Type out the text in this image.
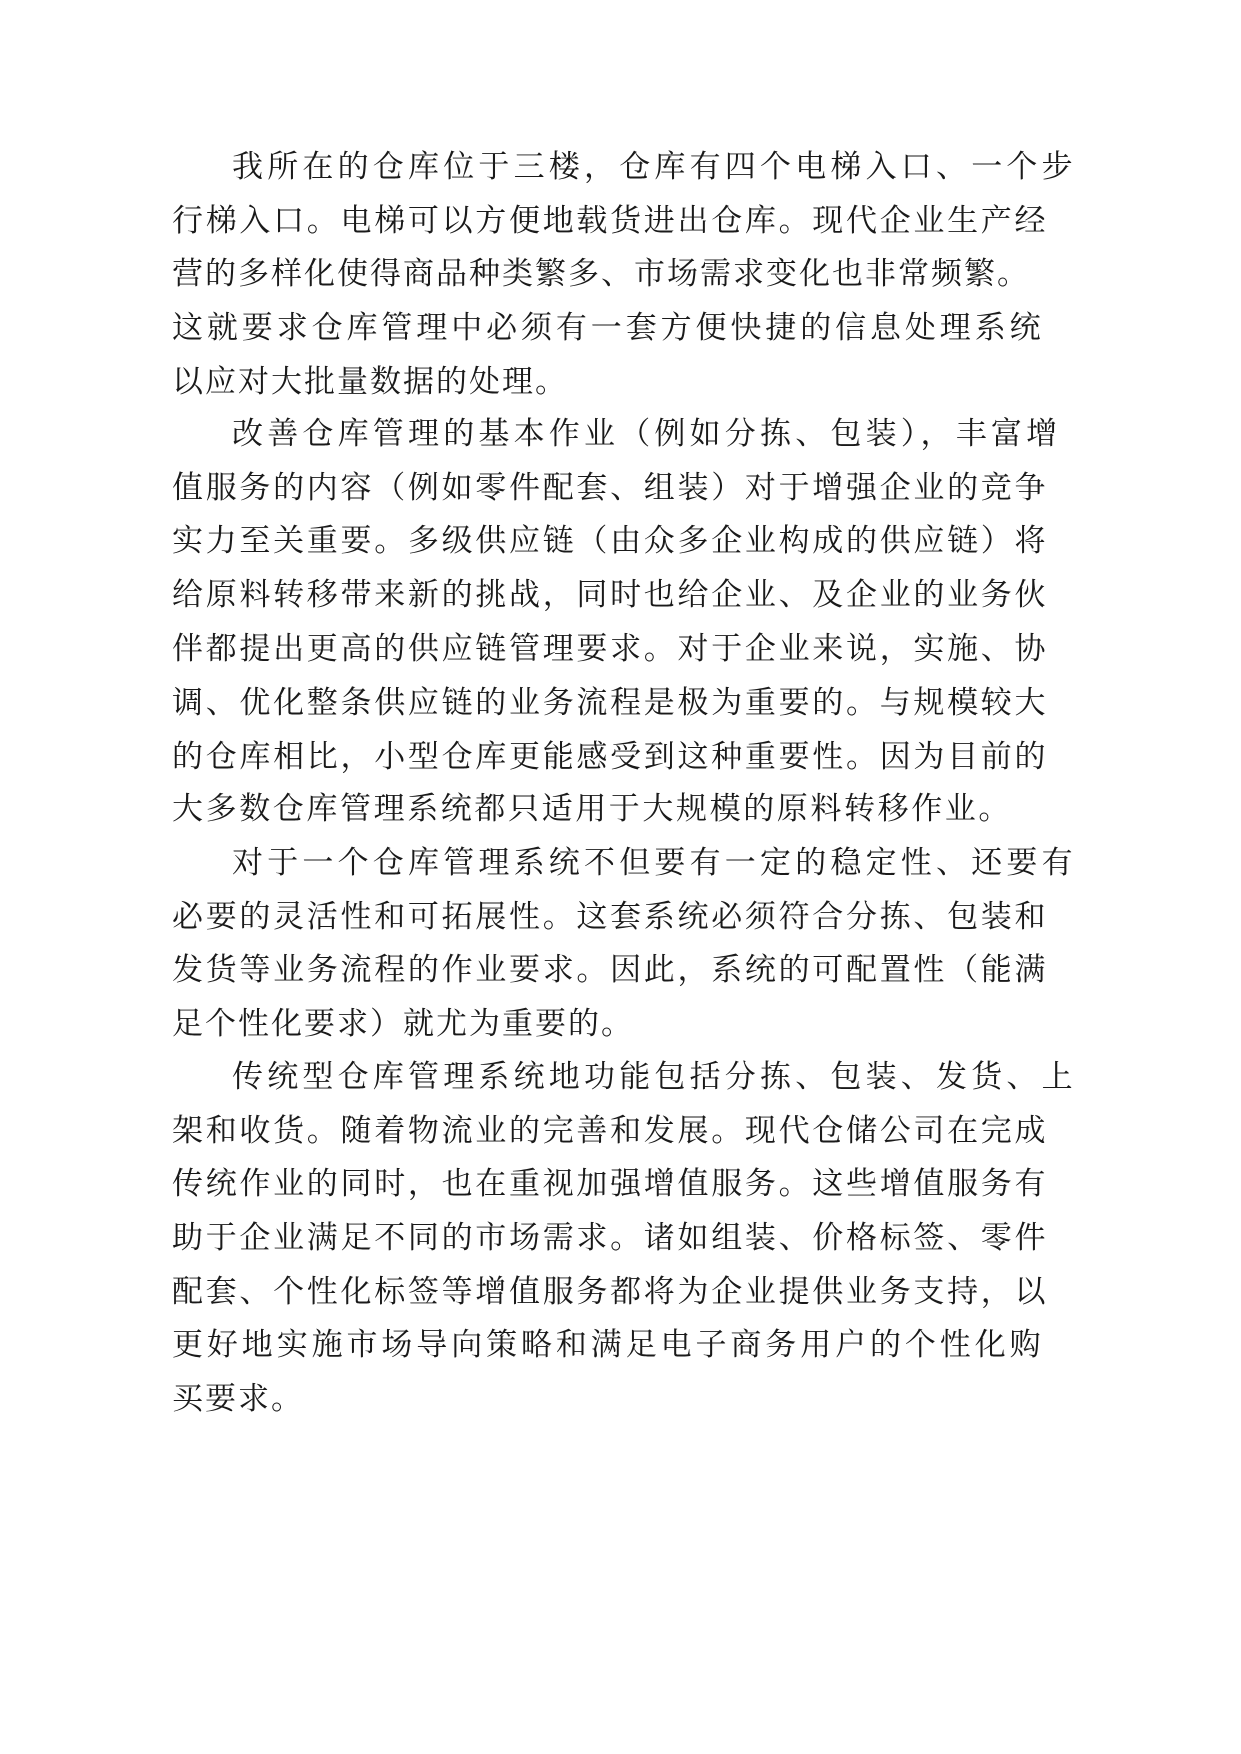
我所在的仓库位于三楼，仓库有四个电梯入口、一个步
行梯入口。电梯可以方便地载货进出仓库。现代企业生产经
营的多样化使得商品种类繁多、市场需求变化也非常频繁。
这就要求仓库管理中必须有一套方便快捷的信息处理系统
以应对大批量数据的处理。
改善仓库管理的基本作业（例如分拣、包装），丰富增
值服务的内容（例如零件配套、组装）对于增强企业的竞争
实力至关重要。多级供应链（由众多企业构成的供应链）将
给原料转移带来新的挑战，同时也给企业、及企业的业务伙
伴都提出更高的供应链管理要求。对于企业来说，实施、协
调、优化整条供应链的业务流程是极为重要的。与规模较大
的仓库相比，小型仓库更能感受到这种重要性。因为目前的
大多数仓库管理系统都只适用于大规模的原料转移作业。
对于一个仓库管理系统不但要有一定的稳定性、还要有
必要的灵活性和可拓展性。这套系统必须符合分拣、包装和
发货等业务流程的作业要求。因此，系统的可配置性（能满
足个性化要求）就尤为重要的。
传统型仓库管理系统地功能包括分拣、包装、发货、上
架和收货。随着物流业的完善和发展。现代仓储公司在完成
传统作业的同时，也在重视加强增值服务。这些增值服务有
助于企业满足不同的市场需求。诸如组装、价格标签、零件
配套、个性化标签等增值服务都将为企业提供业务支持，以
更好地实施市场导向策略和满足电子商务用户的个性化购
买要求。
